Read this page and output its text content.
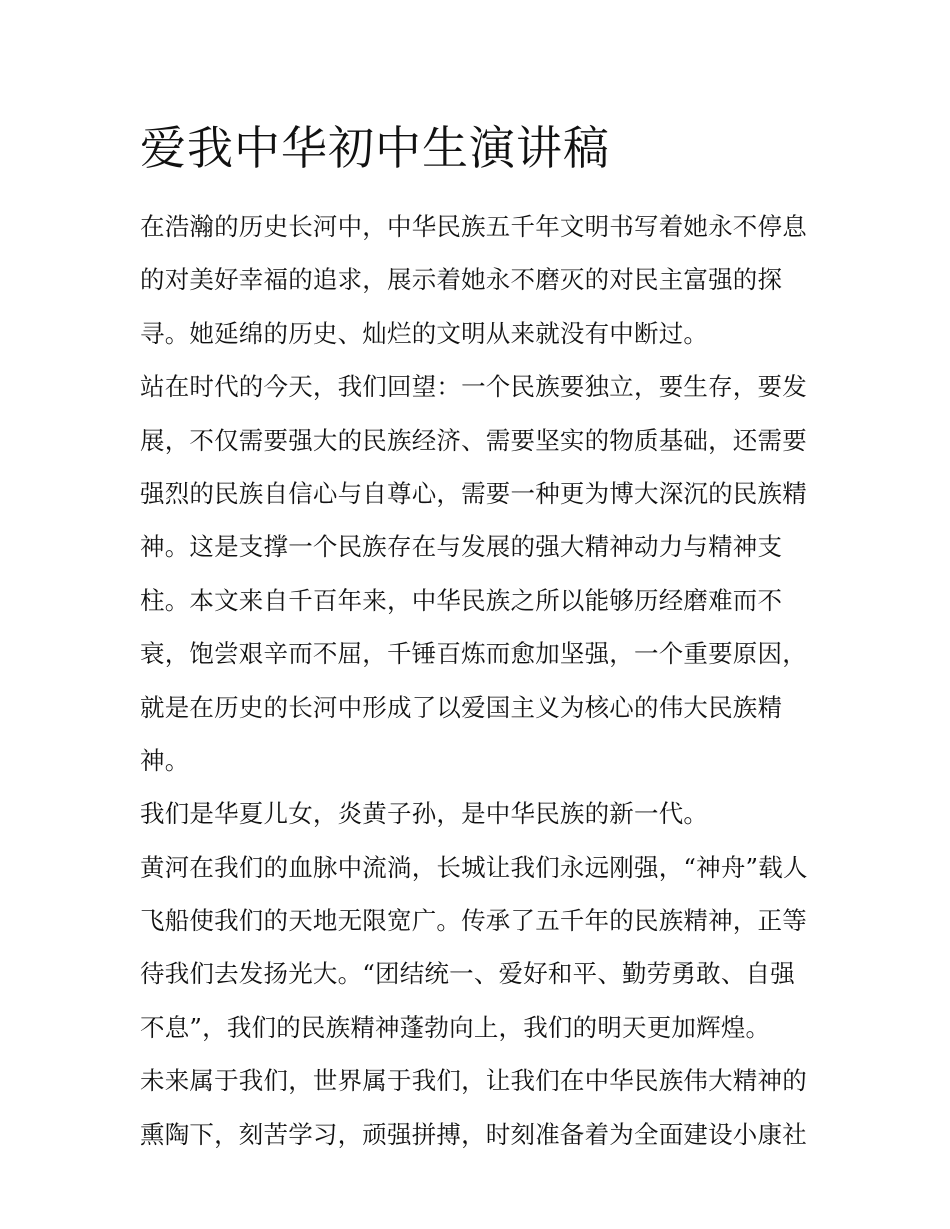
爱我中华初中生演讲稿

在浩瀚的历史长河中，中华民族五千年文明书写着她永不停息
的对美好幸福的追求，展示着她永不磨灭的对民主富强的探
寻。她延绵的历史、灿烂的文明从来就没有中断过。

站在时代的今天，我们回望：一个民族要独立，要生存，要发
展，不仅需要强大的民族经济、需要坚实的物质基础，还需要
强烈的民族自信心与自尊心，需要一种更为博大深沉的民族精
神。这是支撑一个民族存在与发展的强大精神动力与精神支
柱。本文来自千百年来，中华民族之所以能够历经磨难而不
衰，饱尝艰辛而不屈，千锤百炼而愈加坚强，一个重要原因，
就是在历史的长河中形成了以爱国主义为核心的伟大民族精
神。

我们是华夏儿女，炎黄子孙，是中华民族的新一代。

黄河在我们的血脉中流淌，长城让我们永远刚强，“神舟”载人
飞船使我们的天地无限宽广。传承了五千年的民族精神，正等
待我们去发扬光大。“团结统一、爱好和平、勤劳勇敢、自强
不息”，我们的民族精神蓬勃向上，我们的明天更加辉煌。

未来属于我们，世界属于我们，让我们在中华民族伟大精神的
熏陶下，刻苦学习，顽强拼搏，时刻准备着为全面建设小康社
